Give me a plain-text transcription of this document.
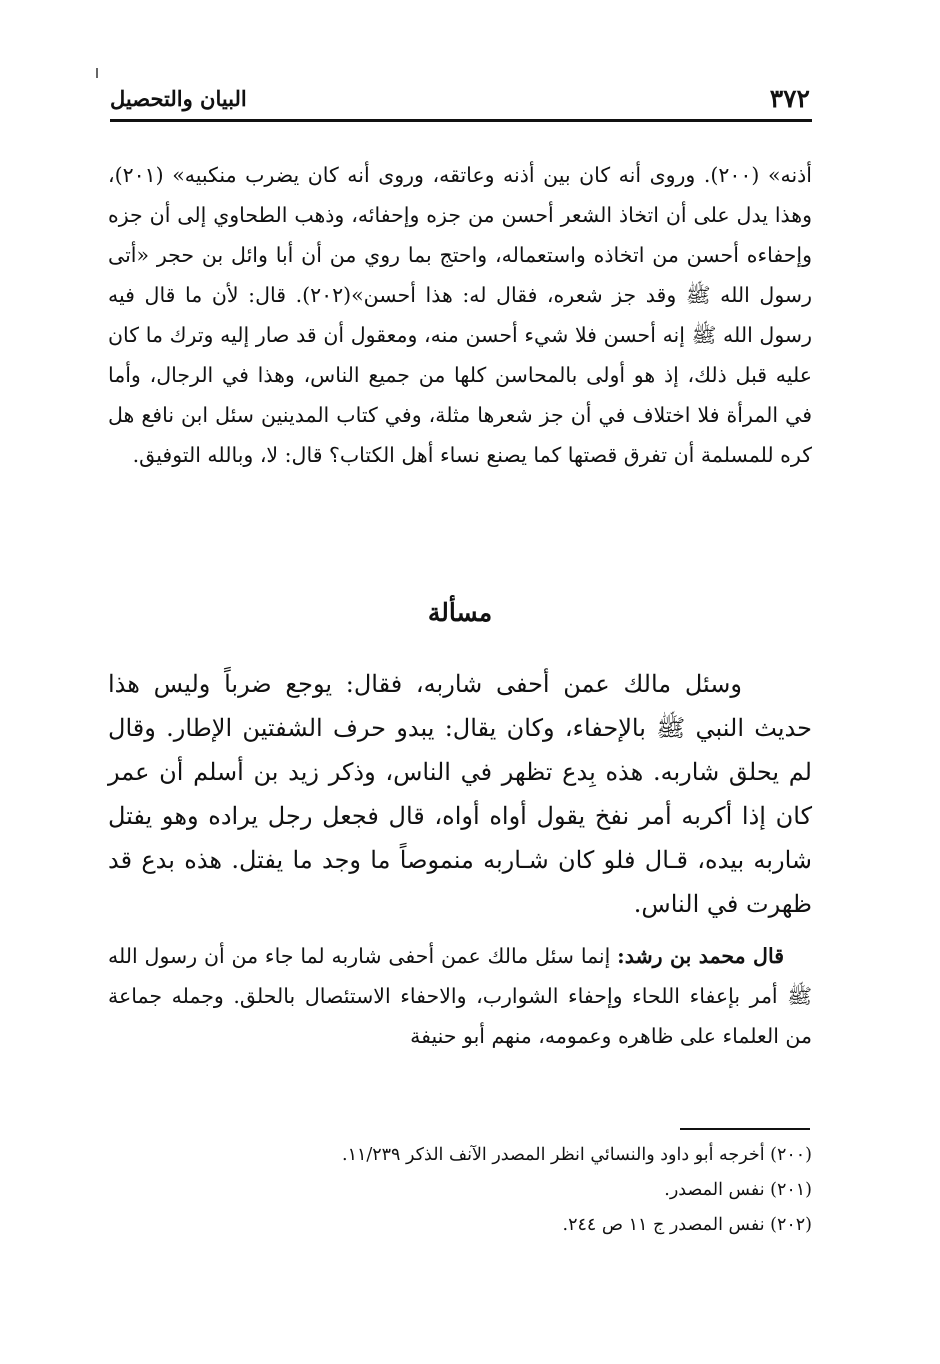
٣٧٢
البيان والتحصيل

أذنه» (٢٠٠). وروى أنه كان بين أذنه وعاتقه، وروى أنه كان يضرب منكبيه» (٢٠١)، وهذا يدل على أن اتخاذ الشعر أحسن من جزه وإحفائه، وذهب الطحاوي إلى أن جزه وإحفاءه أحسن من اتخاذه واستعماله، واحتج بما روي من أن أبا وائل بن حجر «أتى رسول الله ﷺ وقد جز شعره، فقال له: هذا أحسن»(٢٠٢). قال: لأن ما قال فيه رسول الله ﷺ إنه أحسن فلا شيء أحسن منه، ومعقول أن قد صار إليه وترك ما كان عليه قبل ذلك، إذ هو أولى بالمحاسن كلها من جميع الناس، وهذا في الرجال، وأما في المرأة فلا اختلاف في أن جز شعرها مثلة، وفي كتاب المدينين سئل ابن نافع هل كره للمسلمة أن تفرق قصتها كما يصنع نساء أهل الكتاب؟ قال: لا، وبالله التوفيق.

مسألة

وسئل مالك عمن أحفى شاربه، فقال: يوجع ضرباً وليس هذا حديث النبي ﷺ بالإحفاء، وكان يقال: يبدو حرف الشفتين الإطار. وقال لم يحلق شاربه. هذه بِدع تظهر في الناس، وذكر زيد بن أسلم أن عمر كان إذا أكربه أمر نفخ يقول أواه أواه، قال فجعل رجل يراده وهو يفتل شاربه بيده، قـال فلو كان شـاربه منموصاً ما وجد ما يفتل. هذه بدع قد ظهرت في الناس.

قال محمد بن رشد: إنما سئل مالك عمن أحفى شاربه لما جاء من أن رسول الله ﷺ أمر بإعفاء اللحاء وإحفاء الشوارب، والاحفاء الاستئصال بالحلق. وجمله جماعة من العلماء على ظاهره وعمومه، منهم أبو حنيفة

(٢٠٠) أخرجه أبو داود والنسائي انظر المصدر الآنف الذكر ١١/٢٣٩.
(٢٠١) نفس المصدر.
(٢٠٢) نفس المصدر ج ١١ ص ٢٤٤.
